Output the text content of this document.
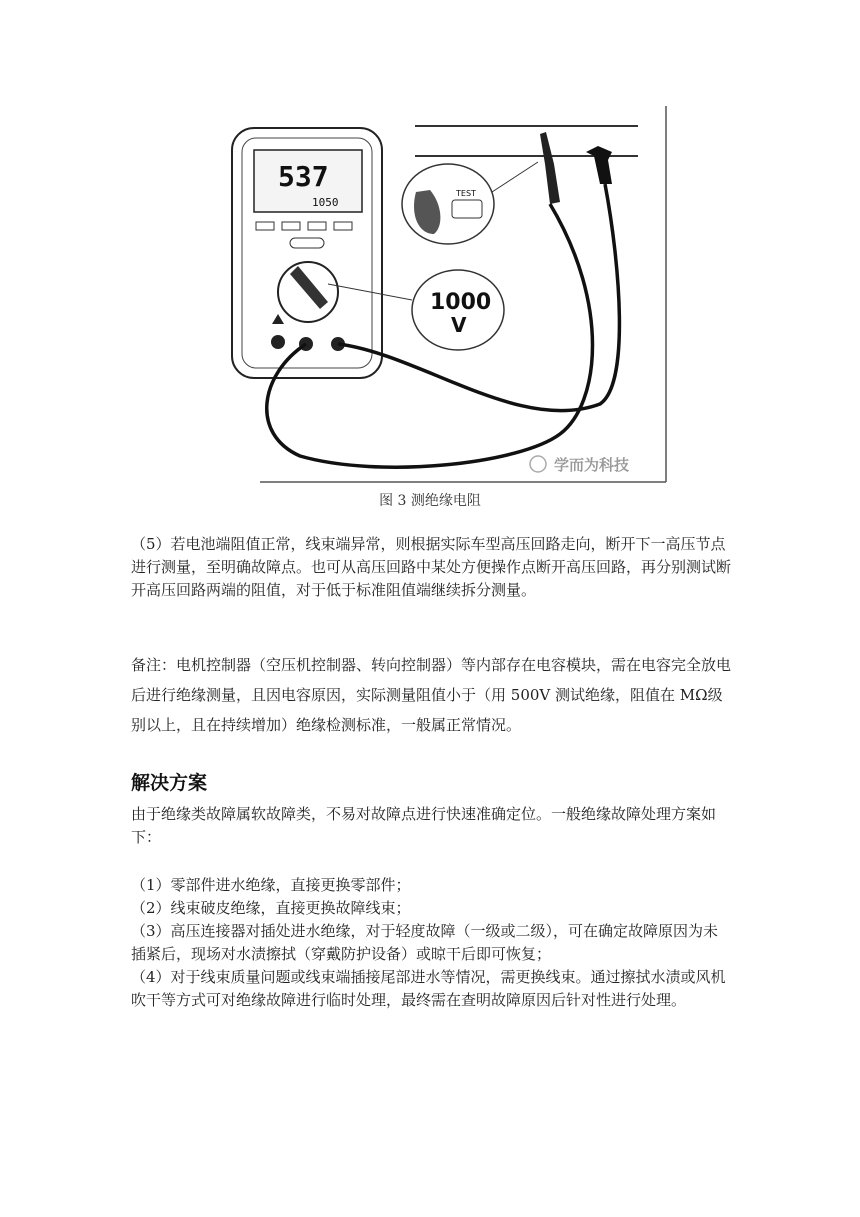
537
1050
TEST
1000
V
学而为科技
图 3 测绝缘电阻

（5）若电池端阻值正常，线束端异常，则根据实际车型高压回路走向，断开下一高压节点进行测量，至明确故障点。也可从高压回路中某处方便操作点断开高压回路，再分别测试断开高压回路两端的阻值，对于低于标准阻值端继续拆分测量。

备注：电机控制器（空压机控制器、转向控制器）等内部存在电容模块，需在电容完全放电后进行绝缘测量，且因电容原因，实际测量阻值小于（用 500V 测试绝缘，阻值在 MΩ级别以上，且在持续增加）绝缘检测标准，一般属正常情况。

解决方案

由于绝缘类故障属软故障类，不易对故障点进行快速准确定位。一般绝缘故障处理方案如下：

（1）零部件进水绝缘，直接更换零部件；
（2）线束破皮绝缘，直接更换故障线束；
（3）高压连接器对插处进水绝缘，对于轻度故障（一级或二级），可在确定故障原因为未插紧后，现场对水渍擦拭（穿戴防护设备）或晾干后即可恢复；
（4）对于线束质量问题或线束端插接尾部进水等情况，需更换线束。通过擦拭水渍或风机吹干等方式可对绝缘故障进行临时处理，最终需在查明故障原因后针对性进行处理。
